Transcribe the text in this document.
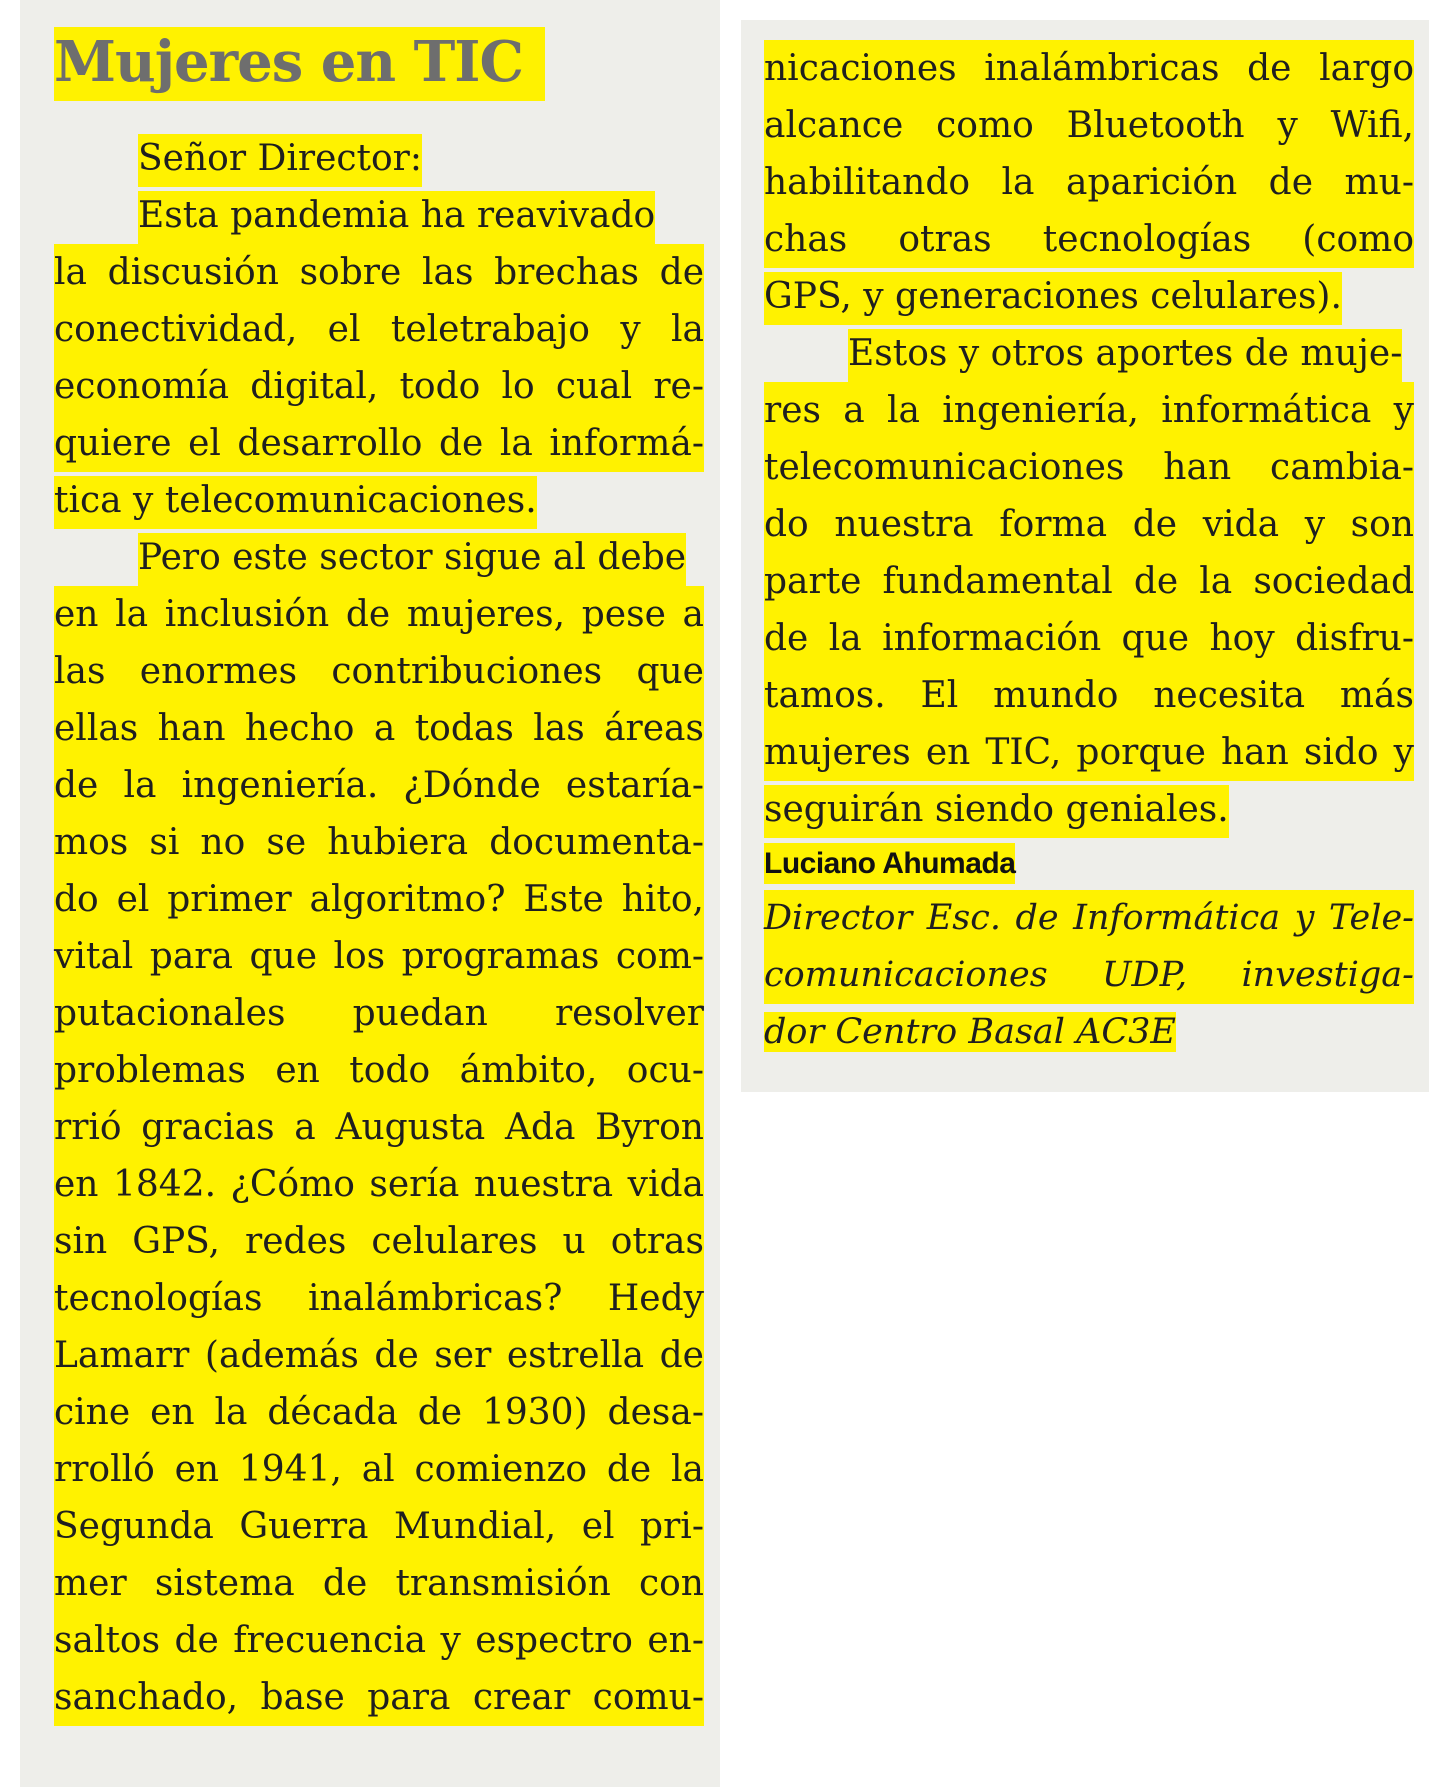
Mujeres en TIC
Señor Director:
Esta pandemia ha reavivado
la discusión sobre las brechas de
conectividad, el teletrabajo y la
economía digital, todo lo cual re-
quiere el desarrollo de la informá-
tica y telecomunicaciones.
Pero este sector sigue al debe
en la inclusión de mujeres, pese a
las enormes contribuciones que
ellas han hecho a todas las áreas
de la ingeniería. ¿Dónde estaría-
mos si no se hubiera documenta-
do el primer algoritmo? Este hito,
vital para que los programas com-
putacionales puedan resolver
problemas en todo ámbito, ocu-
rrió gracias a Augusta Ada Byron
en 1842. ¿Cómo sería nuestra vida
sin GPS, redes celulares u otras
tecnologías inalámbricas? Hedy
Lamarr (además de ser estrella de
cine en la década de 1930) desa-
rrolló en 1941, al comienzo de la
Segunda Guerra Mundial, el pri-
mer sistema de transmisión con
saltos de frecuencia y espectro en-
sanchado, base para crear comu-
nicaciones inalámbricas de largo
alcance como Bluetooth y Wifi,
habilitando la aparición de mu-
chas otras tecnologías (como
GPS, y generaciones celulares).
Estos y otros aportes de muje-
res a la ingeniería, informática y
telecomunicaciones han cambia-
do nuestra forma de vida y son
parte fundamental de la sociedad
de la información que hoy disfru-
tamos. El mundo necesita más
mujeres en TIC, porque han sido y
seguirán siendo geniales.
Luciano Ahumada
Director Esc. de Informática y Tele-
comunicaciones UDP, investiga-
dor Centro Basal AC3E
